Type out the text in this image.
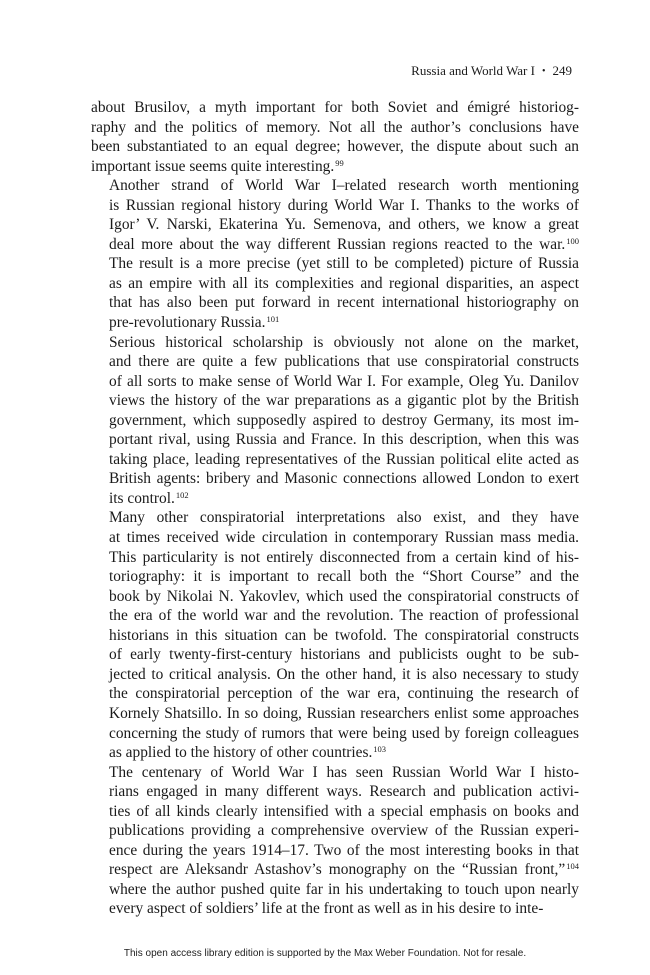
Russia and World War I • 249

about Brusilov, a myth important for both Soviet and émigré historiog-
raphy and the politics of memory. Not all the author’s conclusions have
been substantiated to an equal degree; however, the dispute about such an
important issue seems quite interesting.$^{99}$

Another strand of World War I–related research worth mentioning
is Russian regional history during World War I. Thanks to the works of
Igor’ V. Narski, Ekaterina Yu. Semenova, and others, we know a great
deal more about the way different Russian regions reacted to the war.$^{100}$
The result is a more precise (yet still to be completed) picture of Russia
as an empire with all its complexities and regional disparities, an aspect
that has also been put forward in recent international historiography on
pre-revolutionary Russia.$^{101}$

Serious historical scholarship is obviously not alone on the market,
and there are quite a few publications that use conspiratorial constructs
of all sorts to make sense of World War I. For example, Oleg Yu. Danilov
views the history of the war preparations as a gigantic plot by the British
government, which supposedly aspired to destroy Germany, its most im-
portant rival, using Russia and France. In this description, when this was
taking place, leading representatives of the Russian political elite acted as
British agents: bribery and Masonic connections allowed London to exert
its control.$^{102}$

Many other conspiratorial interpretations also exist, and they have
at times received wide circulation in contemporary Russian mass media.
This particularity is not entirely disconnected from a certain kind of his-
toriography: it is important to recall both the “Short Course” and the
book by Nikolai N. Yakovlev, which used the conspiratorial constructs of
the era of the world war and the revolution. The reaction of professional
historians in this situation can be twofold. The conspiratorial constructs
of early twenty-first-century historians and publicists ought to be sub-
jected to critical analysis. On the other hand, it is also necessary to study
the conspiratorial perception of the war era, continuing the research of
Kornely Shatsillo. In so doing, Russian researchers enlist some approaches
concerning the study of rumors that were being used by foreign colleagues
as applied to the history of other countries.$^{103}$

The centenary of World War I has seen Russian World War I histo-
rians engaged in many different ways. Research and publication activi-
ties of all kinds clearly intensified with a special emphasis on books and
publications providing a comprehensive overview of the Russian experi-
ence during the years 1914–17. Two of the most interesting books in that
respect are Aleksandr Astashov’s monography on the “Russian front,”$^{104}$
where the author pushed quite far in his undertaking to touch upon nearly
every aspect of soldiers’ life at the front as well as in his desire to inte-

This open access library edition is supported by the Max Weber Foundation. Not for resale.
